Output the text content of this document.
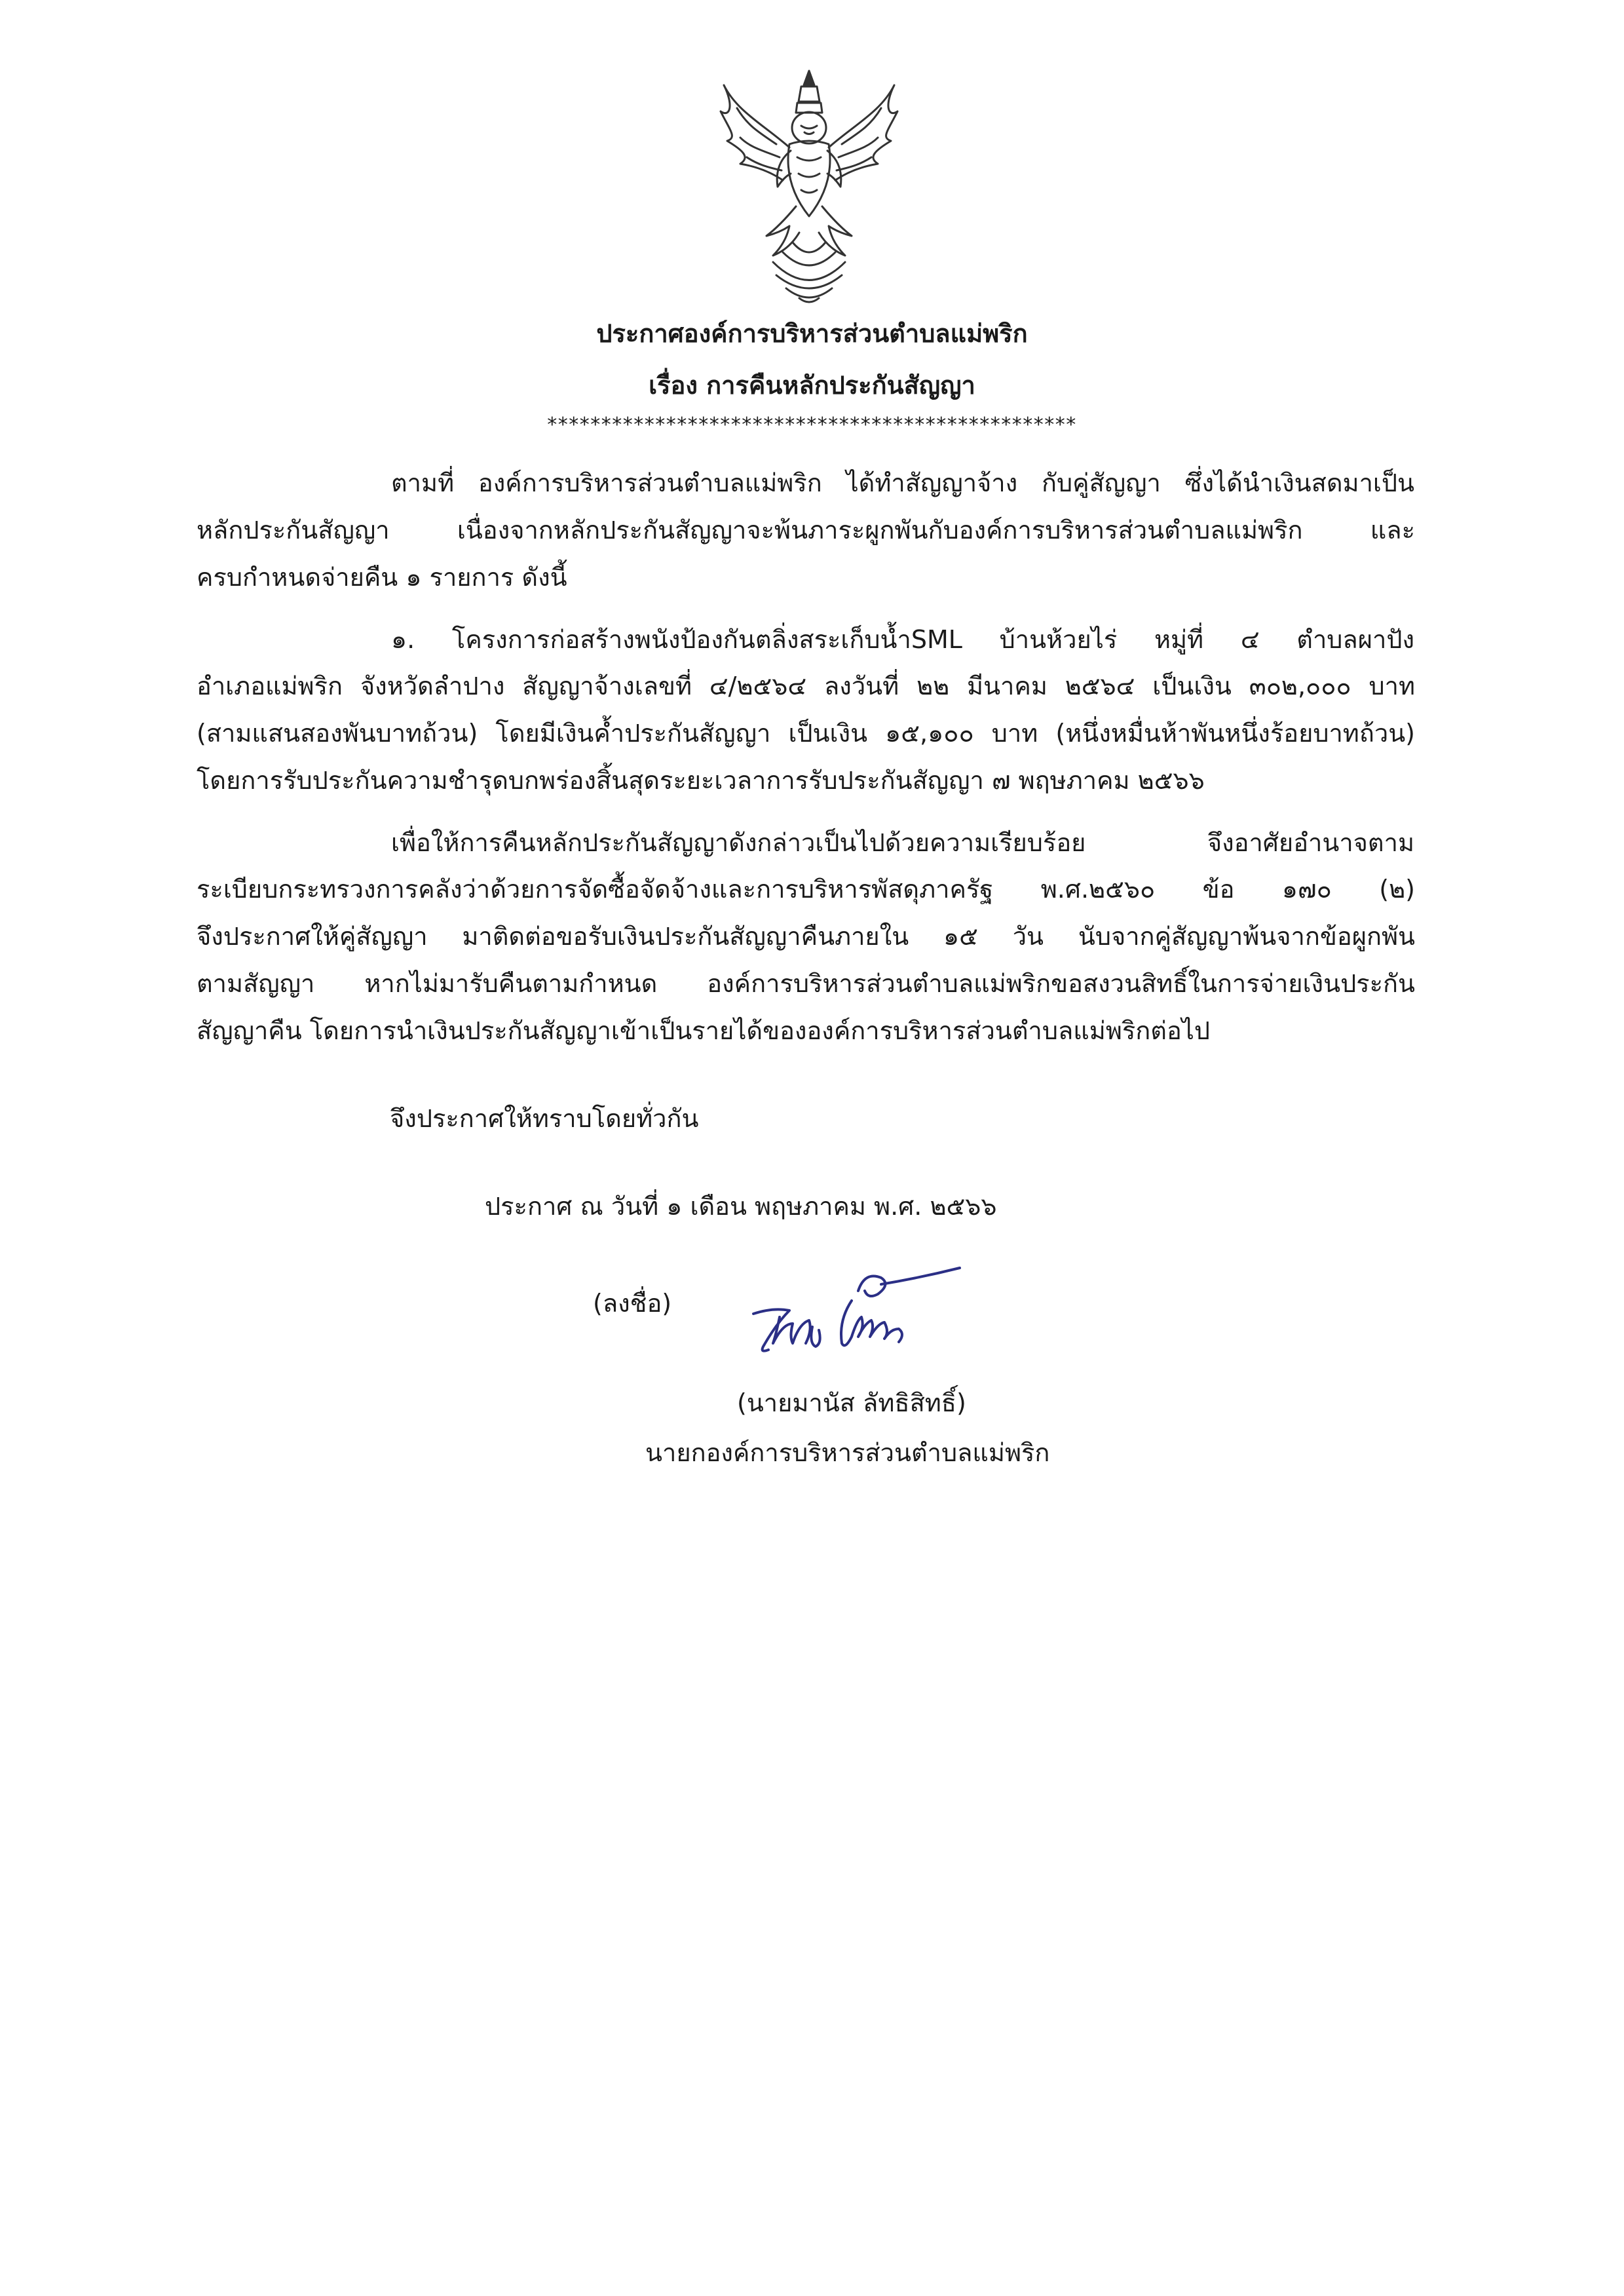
ประกาศองค์การบริหารส่วนตำบลแม่พริก
เรื่อง การคืนหลักประกันสัญญา
*************************************************
ตามที่ องค์การบริหารส่วนตำบลแม่พริก ได้ทำสัญญาจ้าง กับคู่สัญญา ซึ่งได้นำเงินสดมาเป็น
หลักประกันสัญญา เนื่องจากหลักประกันสัญญาจะพ้นภาระผูกพันกับองค์การบริหารส่วนตำบลแม่พริก และ
ครบกำหนดจ่ายคืน ๑ รายการ ดังนี้
๑. โครงการก่อสร้างพนังป้องกันตลิ่งสระเก็บน้ำSML บ้านห้วยไร่ หมู่ที่ ๔ ตำบลผาปัง
อำเภอแม่พริก จังหวัดลำปาง สัญญาจ้างเลขที่ ๔/๒๕๖๔ ลงวันที่ ๒๒ มีนาคม ๒๕๖๔ เป็นเงิน ๓๐๒,๐๐๐ บาท
(สามแสนสองพันบาทถ้วน) โดยมีเงินค้ำประกันสัญญา เป็นเงิน ๑๕,๑๐๐ บาท (หนึ่งหมื่นห้าพันหนึ่งร้อยบาทถ้วน)
โดยการรับประกันความชำรุดบกพร่องสิ้นสุดระยะเวลาการรับประกันสัญญา ๗ พฤษภาคม ๒๕๖๖
เพื่อให้การคืนหลักประกันสัญญาดังกล่าวเป็นไปด้วยความเรียบร้อย จึงอาศัยอำนาจตาม
ระเบียบกระทรวงการคลังว่าด้วยการจัดซื้อจัดจ้างและการบริหารพัสดุภาครัฐ พ.ศ.๒๕๖๐ ข้อ ๑๗๐ (๒)
จึงประกาศให้คู่สัญญา มาติดต่อขอรับเงินประกันสัญญาคืนภายใน ๑๕ วัน นับจากคู่สัญญาพ้นจากข้อผูกพัน
ตามสัญญา หากไม่มารับคืนตามกำหนด องค์การบริหารส่วนตำบลแม่พริกขอสงวนสิทธิ์ในการจ่ายเงินประกัน
สัญญาคืน โดยการนำเงินประกันสัญญาเข้าเป็นรายได้ขององค์การบริหารส่วนตำบลแม่พริกต่อไป
จึงประกาศให้ทราบโดยทั่วกัน
ประกาศ ณ วันที่ ๑ เดือน พฤษภาคม พ.ศ. ๒๕๖๖
(ลงชื่อ)
(นายมานัส ลัทธิสิทธิ์)
นายกองค์การบริหารส่วนตำบลแม่พริก
